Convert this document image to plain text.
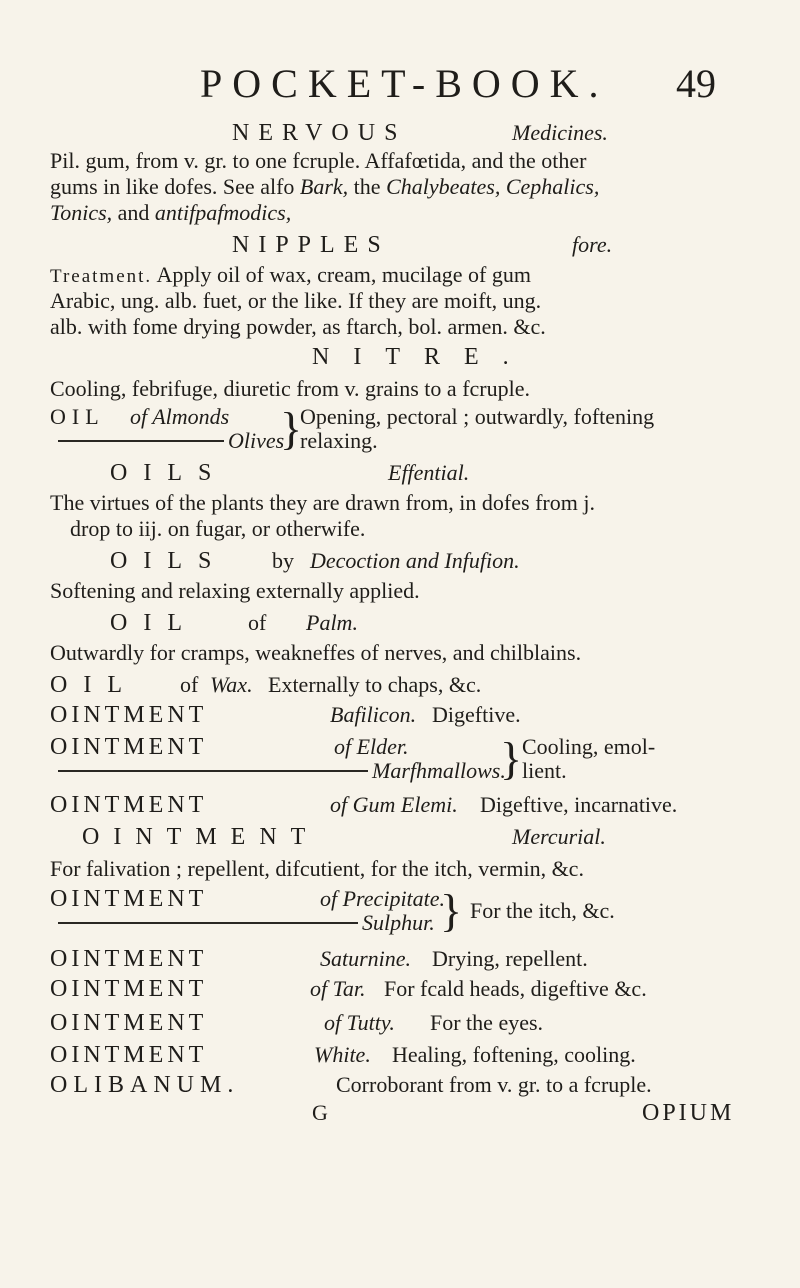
POCKET-BOOK. 49
NERVOUS	Medicines.
Pil. gum, from v. gr. to one fcruple. Affafœtida, and the other
gums in like dofes. See alfo Bark, the Chalybeates, Cephalics,
Tonics, and antifpafmodics,
NIPPLES	fore.
Treatment. Apply oil of wax, cream, mucilage of gum
Arabic, ung. alb. fuet, or the like. If they are moift, ung.
alb. with fome drying powder, as ftarch, bol. armen. &c.
NITRE.
Cooling, febrifuge, diuretic from v. grains to a fcruple.
OIL of Almonds
Olives
}
Opening, pectoral ; outwardly, foftening
relaxing.
OILS	Effential.
The virtues of the plants they are drawn from, in dofes from j.
drop to iij. on fugar, or otherwife.
OILS by Decoction and Infufion.
Softening and relaxing externally applied.
OIL of Palm.
Outwardly for cramps, weakneffes of nerves, and chilblains.
OIL of Wax. Externally to chaps, &c.
OINTMENT	Bafilicon. Digeftive.
OINTMENT	of Elder.
Marfhmallows.
} Cooling, emol-
lient.
OINTMENT	of Gum Elemi. Digeftive, incarnative.
OINTMENT	Mercurial.
For falivation ; repellent, difcutient, for the itch, vermin, &c.
OINTMENT	of Precipitate.
Sulphur. } For the itch, &c.
OINTMENT	Saturnine. Drying, repellent.
OINTMENT	of Tar. For fcald heads, digeftive &c.
OINTMENT	of Tutty. For the eyes.
OINTMENT	White. Healing, foftening, cooling.
OLIBANUM.	Corroborant from v. gr. to a fcruple.
G	OPIUM
